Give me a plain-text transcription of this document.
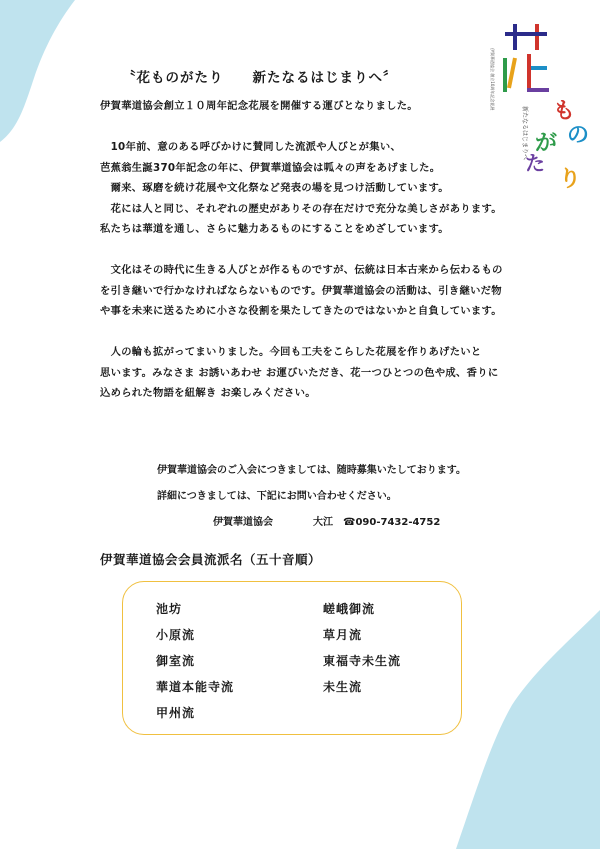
〝花ものがたり　　新たなるはじまりへ〞
も
の
が
た
り
新たなるはじまりへ
伊賀華道協会 創立10周年記念花展

伊賀華道協会創立１０周年記念花展を開催する運びとなりました。

　10年前、意のある呼びかけに賛同した流派や人びとが集い、
芭蕉翁生誕370年記念の年に、伊賀華道協会は呱々の声をあげました。
　爾来、琢磨を続け花展や文化祭など発表の場を見つけ活動しています。
　花には人と同じ、それぞれの歴史がありその存在だけで充分な美しさがあります。
私たちは華道を通し、さらに魅力あるものにすることをめざしています。

　文化はその時代に生きる人びとが作るものですが、伝統は日本古来から伝わるもの
を引き継いで行かなければならないものです。伊賀華道協会の活動は、引き継いだ物
や事を未来に送るために小さな役割を果たしてきたのではないかと自負しています。

　人の輪も拡がってまいりました。今回も工夫をこらした花展を作りあげたいと
思います。みなさま お誘いあわせ お運びいただき、花一つひとつの色や成、香りに
込められた物語を紐解き お楽しみください。

伊賀華道協会のご入会につきましては、随時募集いたしております。
詳細につきましては、下記にお問い合わせください。
伊賀華道協会　　　　	大江　 ☎090-7432-4752
伊賀華道協会会員流派名（五十音順）
池坊
小原流
御室流
華道本能寺流
甲州流
嵯峨御流
草月流
東福寺未生流
未生流
